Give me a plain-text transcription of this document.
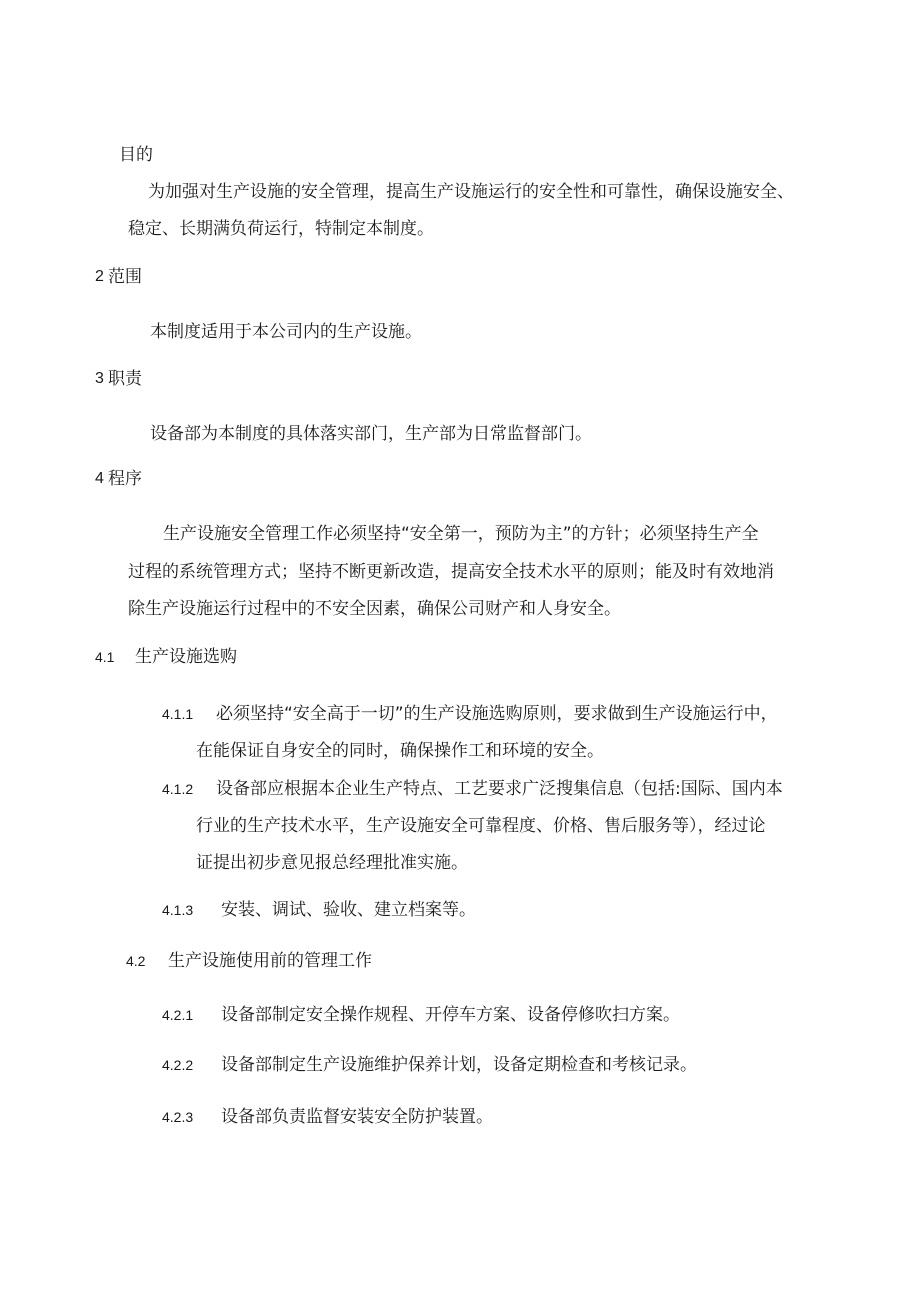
目的
为加强对生产设施的安全管理，提高生产设施运行的安全性和可靠性，确保设施安全、
稳定、长期满负荷运行，特制定本制度。
2 范围
本制度适用于本公司内的生产设施。
3 职责
设备部为本制度的具体落实部门，生产部为日常监督部门。
4 程序
生产设施安全管理工作必须坚持“安全第一，预防为主”的方针；必须坚持生产全
过程的系统管理方式；坚持不断更新改造，提高安全技术水平的原则；能及时有效地消
除生产设施运行过程中的不安全因素，确保公司财产和人身安全。
4.1 生产设施选购
4.1.1 必须坚持“安全高于一切”的生产设施选购原则，要求做到生产设施运行中，
在能保证自身安全的同时，确保操作工和环境的安全。
4.1.2 设备部应根据本企业生产特点、工艺要求广泛搜集信息（包括:国际、国内本
行业的生产技术水平，生产设施安全可靠程度、价格、售后服务等），经过论
证提出初步意见报总经理批准实施。
4.1.3 安装、调试、验收、建立档案等。
4.2 生产设施使用前的管理工作
4.2.1 设备部制定安全操作规程、开停车方案、设备停修吹扫方案。
4.2.2 设备部制定生产设施维护保养计划，设备定期检查和考核记录。
4.2.3 设备部负责监督安装安全防护装置。
